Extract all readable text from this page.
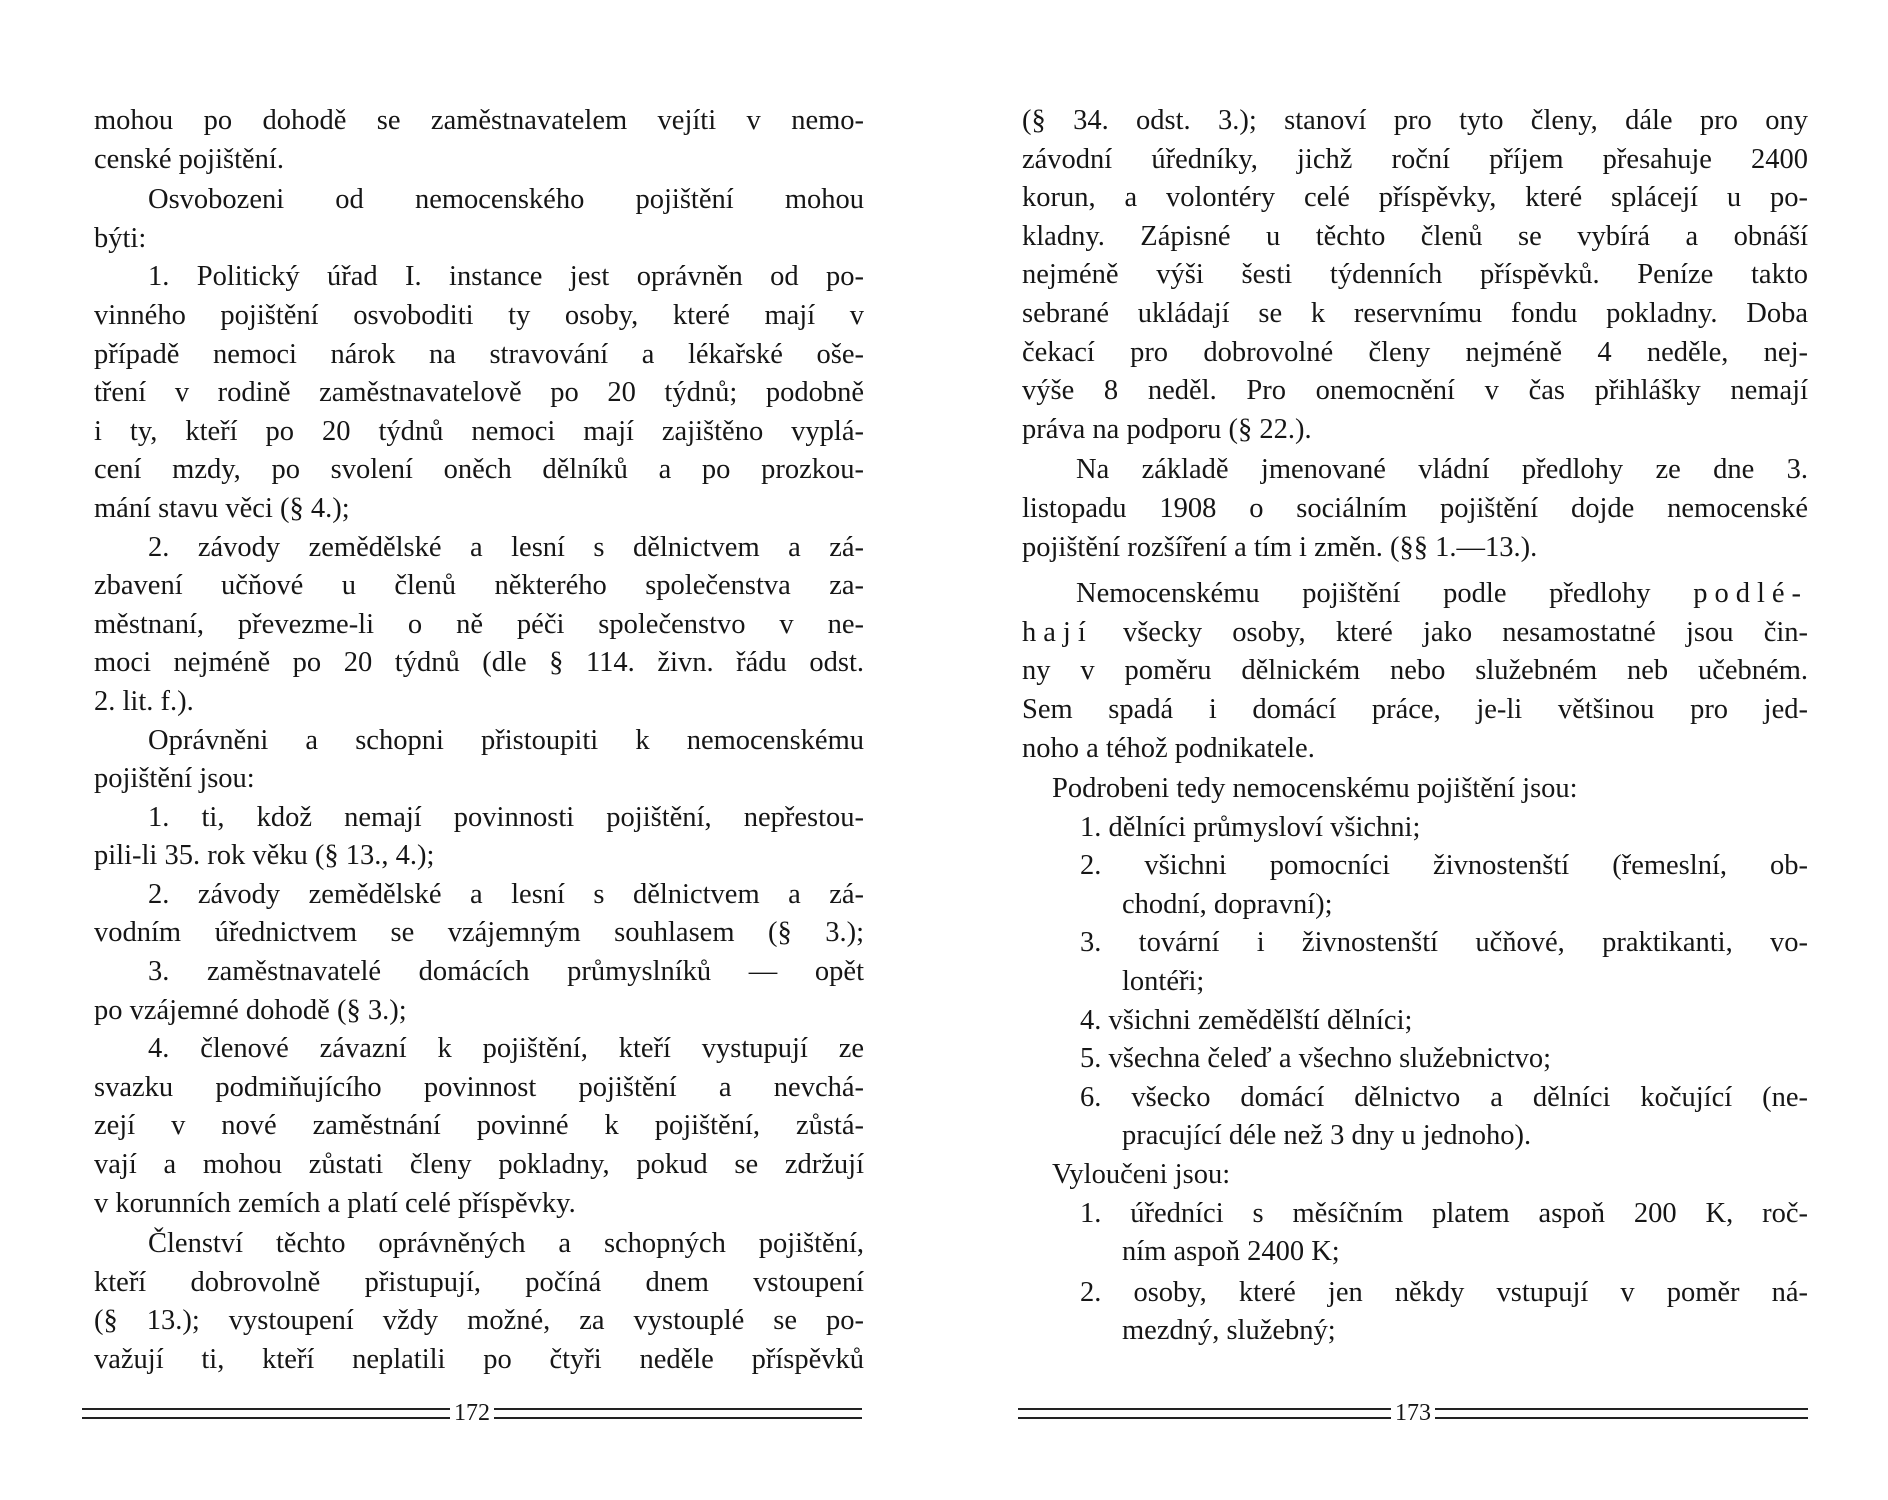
mohou po dohodě se zaměstnavatelem vejíti v nemo-
censké pojištění.

Osvobozeni od nemocenského pojištění mohou
býti:

1. Politický úřad I. instance jest oprávněn od po-
vinného pojištění osvoboditi ty osoby, které mají v
případě nemoci nárok na stravování a lékařské oše-
tření v rodině zaměstnavatelově po 20 týdnů; podobně
i ty, kteří po 20 týdnů nemoci mají zajištěno vyplá-
cení mzdy, po svolení oněch dělníků a po prozkou-
mání stavu věci (§ 4.);

2. závody zemědělské a lesní s dělnictvem a zá-
zbavení učňové u členů některého společenstva za-
městnaní, převezme-li o ně péči společenstvo v ne-
moci nejméně po 20 týdnů (dle § 114. živn. řádu odst.
2. lit. f.).

Oprávněni a schopni přistoupiti k nemocenskému
pojištění jsou:

1. ti, kdož nemají povinnosti pojištění, nepřestou-
pili-li 35. rok věku (§ 13., 4.);

2. závody zemědělské a lesní s dělnictvem a zá-
vodním úřednictvem se vzájemným souhlasem (§ 3.);

3. zaměstnavatelé domácích průmyslníků — opět
po vzájemné dohodě (§ 3.);

4. členové závazní k pojištění, kteří vystupují ze
svazku podmiňujícího povinnost pojištění a nevchá-
zejí v nové zaměstnání povinné k pojištění, zůstá-
vají a mohou zůstati členy pokladny, pokud se zdržují
v korunních zemích a platí celé příspěvky.

Členství těchto oprávněných a schopných pojištění,
kteří dobrovolně přistupují, počíná dnem vstoupení
(§ 13.); vystoupení vždy možné, za vystouplé se po-
važují ti, kteří neplatili po čtyři neděle příspěvků

172

(§ 34. odst. 3.); stanoví pro tyto členy, dále pro ony
závodní úředníky, jichž roční příjem přesahuje 2400
korun, a volontéry celé příspěvky, které splácejí u po-
kladny. Zápisné u těchto členů se vybírá a obnáší
nejméně výši šesti týdenních příspěvků. Peníze takto
sebrané ukládají se k reservnímu fondu pokladny. Doba
čekací pro dobrovolné členy nejméně 4 neděle, nej-
výše 8 neděl. Pro onemocnění v čas přihlášky nemají
práva na podporu (§ 22.).

Na základě jmenované vládní předlohy ze dne 3.
listopadu 1908 o sociálním pojištění dojde nemocenské
pojištění rozšíření a tím i změn. (§§ 1.—13.).

Nemocenskému pojištění podle předlohy podlé-
hají všecky osoby, které jako nesamostatné jsou čin-
ny v poměru dělnickém nebo služebném neb učebném.
Sem spadá i domácí práce, je-li většinou pro jed-
noho a téhož podnikatele.

Podrobeni tedy nemocenskému pojištění jsou:

1. dělníci průmysloví všichni;

2. všichni pomocníci živnostenští (řemeslní, ob-
chodní, dopravní);

3. tovární i živnostenští učňové, praktikanti, vo-
lontéři;

4. všichni zemědělští dělníci;

5. všechna čeleď a všechno služebnictvo;

6. všecko domácí dělnictvo a dělníci kočující (ne-
pracující déle než 3 dny u jednoho).

Vyloučeni jsou:

1. úředníci s měsíčním platem aspoň 200 K, roč-
ním aspoň 2400 K;

2. osoby, které jen někdy vstupují v poměr ná-
mezdný, služebný;

173
